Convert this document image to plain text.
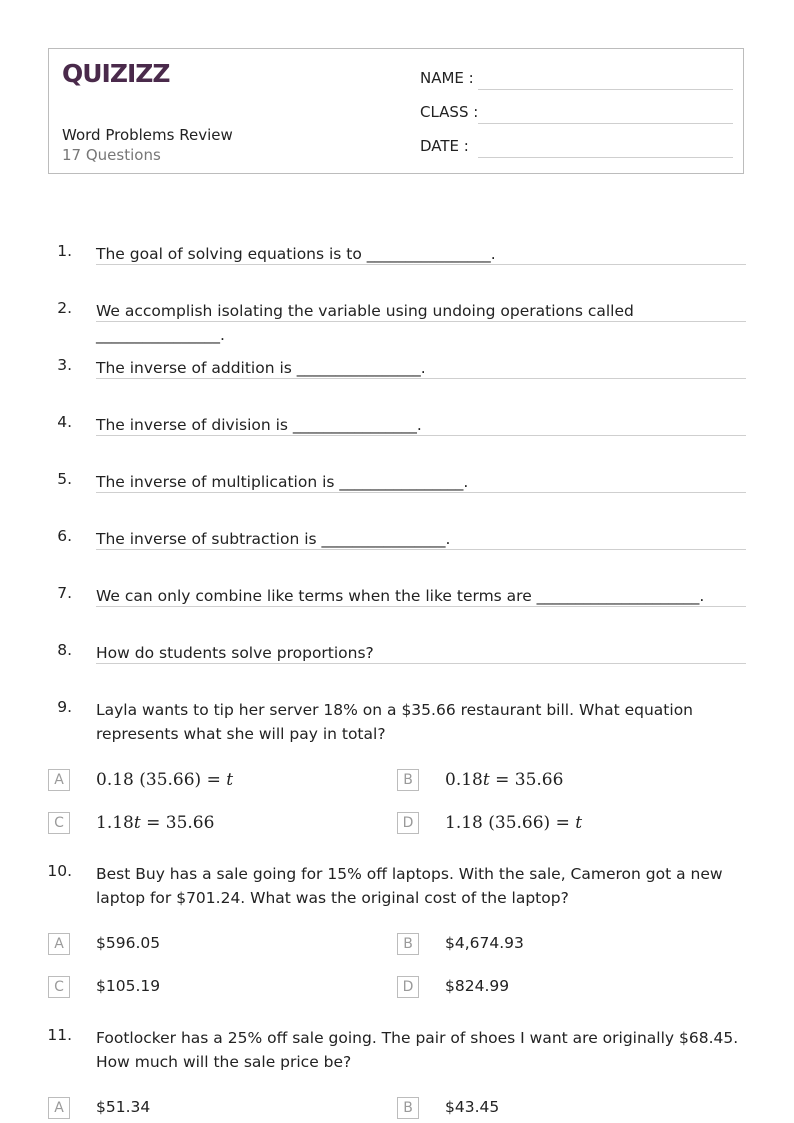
QUIZIZZ
Word Problems Review
17 Questions
NAME :
CLASS :
DATE :
1. The goal of solving equations is to ________________.
2. We accomplish isolating the variable using undoing operations called ________________.
3. The inverse of addition is ________________.
4. The inverse of division is ________________.
5. The inverse of multiplication is ________________.
6. The inverse of subtraction is ________________.
7. We can only combine like terms when the like terms are _____________________.
8. How do students solve proportions?
9. Layla wants to tip her server 18% on a $35.66 restaurant bill. What equation represents what she will pay in total?
A	0.18 (35.66) = t	B	0.18t = 35.66
C	1.18t = 35.66	D	1.18 (35.66) = t
10. Best Buy has a sale going for 15% off laptops. With the sale, Cameron got a new laptop for $701.24. What was the original cost of the laptop?
A	$596.05	B	$4,674.93
C	$105.19	D	$824.99
11. Footlocker has a 25% off sale going. The pair of shoes I want are originally $68.45. How much will the sale price be?
A	$51.34	B	$43.45
